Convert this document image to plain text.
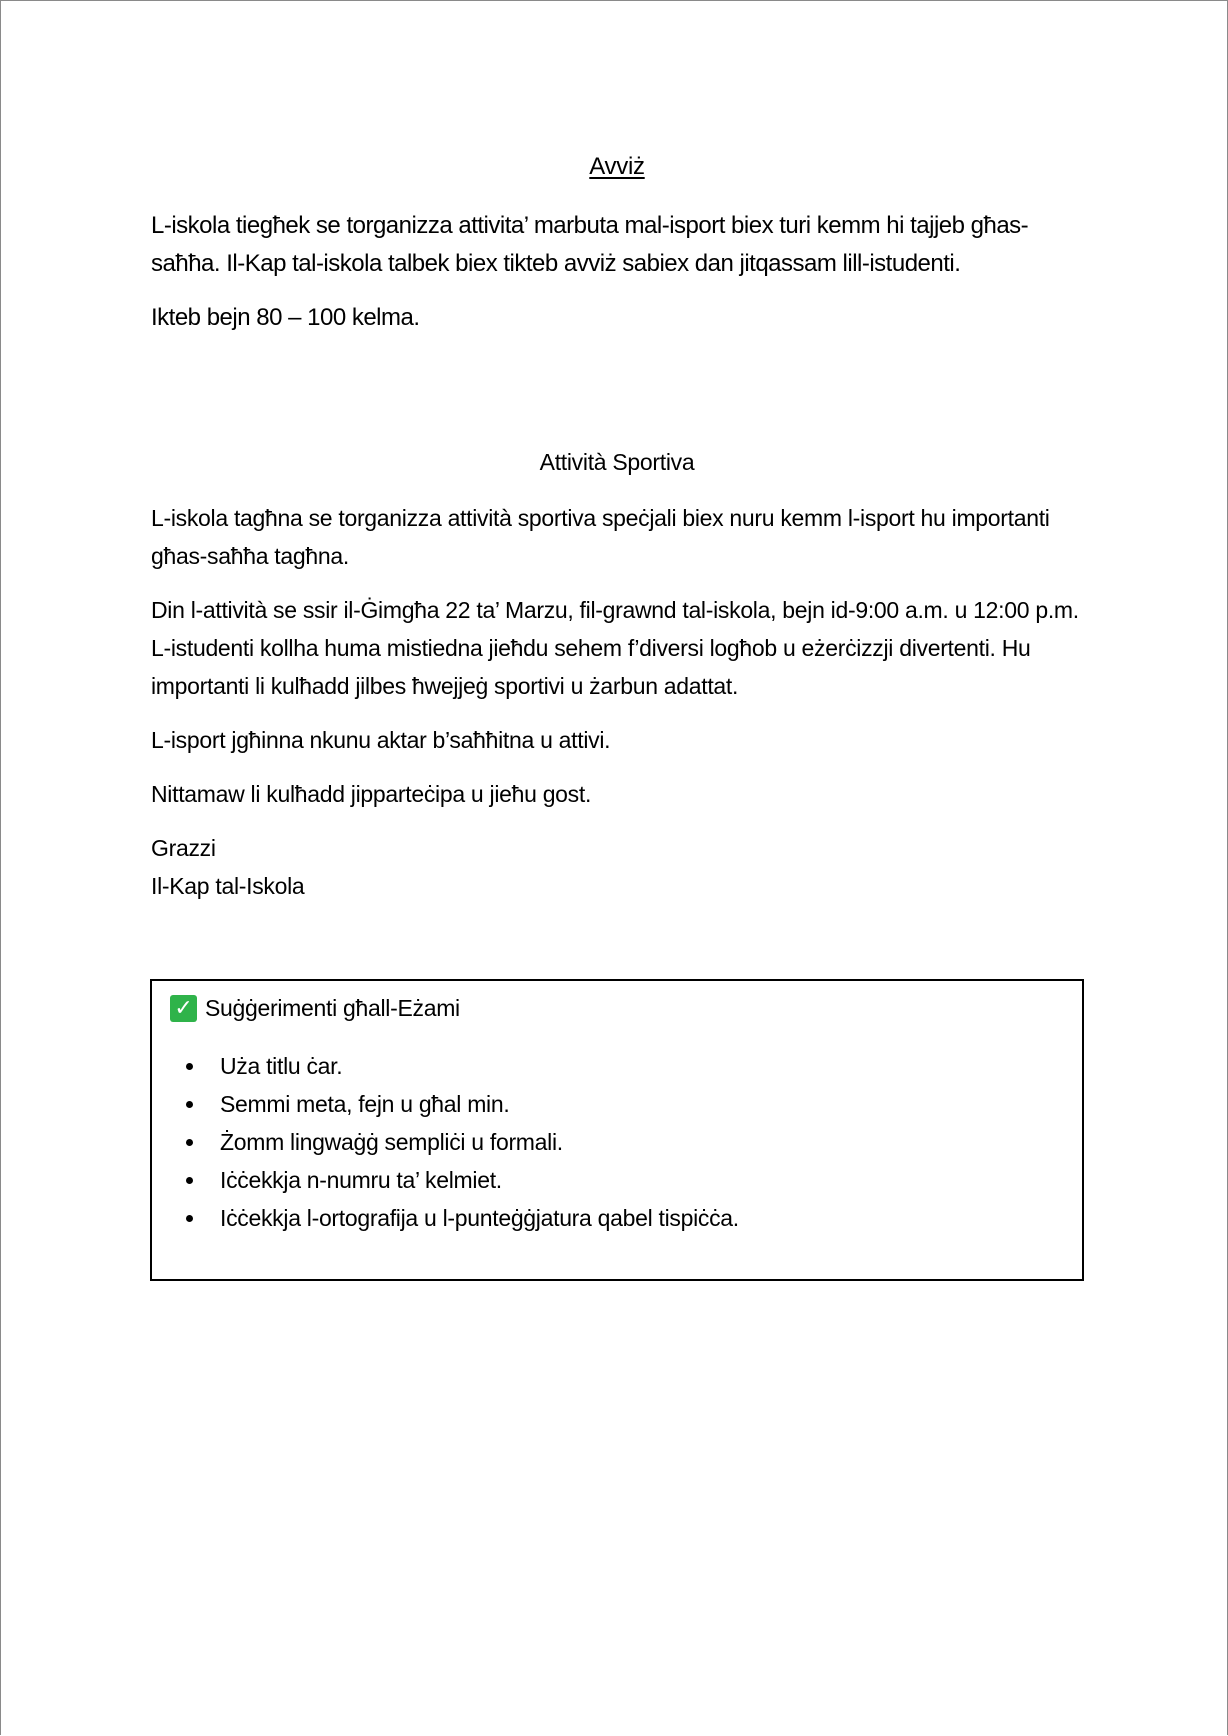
Avviż

L-iskola tiegħek se torganizza attivita’ marbuta mal-isport biex turi kemm hi tajjeb għas-saħħa. Il-Kap tal-iskola talbek biex tikteb avviż sabiex dan jitqassam lill-istudenti.

Ikteb bejn 80 – 100 kelma.

Attività Sportiva

L-iskola tagħna se torganizza attività sportiva speċjali biex nuru kemm l-isport hu importanti għas-saħħa tagħna.

Din l-attività se ssir il-Ġimgħa 22 ta’ Marzu, fil-grawnd tal-iskola, bejn id-9:00 a.m. u 12:00 p.m. L-istudenti kollha huma mistiedna jieħdu sehem f’diversi logħob u eżerċizzji divertenti. Hu importanti li kulħadd jilbes ħwejjeġ sportivi u żarbun adattat.

L-isport jgħinna nkunu aktar b’saħħitna u attivi.

Nittamaw li kulħadd jipparteċipa u jieħu gost.

Grazzi

Il-Kap tal-Iskola

✓ Suġġerimenti għall-Eżami
Uża titlu ċar.
Semmi meta, fejn u għal min.
Żomm lingwaġġ sempliċi u formali.
Iċċekkja n-numru ta’ kelmiet.
Iċċekkja l-ortografija u l-punteġġjatura qabel tispiċċa.
